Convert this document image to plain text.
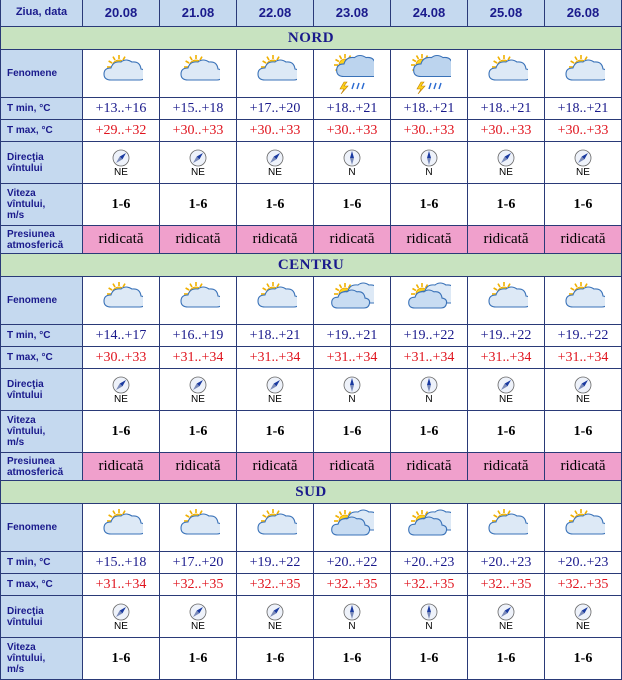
Ziua, data	20.08	21.08	22.08	23.08	24.08	25.08	26.08
NORD							
Fenomene	

T min, °C	+13..+16	+15..+18	+17..+20	+18..+21	+18..+21	+18..+21	+18..+21
T max, °C	+29..+32	+30..+33	+30..+33	+30..+33	+30..+33	+30..+33	+30..+33
Direcţia
vîntului	NE	NE	NE	N	N	NE	NE

Viteza
vîntului,
m/s	1-6	1-6	1-6	1-6	1-6	1-6	1-6
Presiunea
atmosferică	ridicată	ridicată	ridicată	ridicată	ridicată	ridicată	ridicată
CENTRU							
Fenomene	

T min, °C	+14..+17	+16..+19	+18..+21	+19..+21	+19..+22	+19..+22	+19..+22
T max, °C	+30..+33	+31..+34	+31..+34	+31..+34	+31..+34	+31..+34	+31..+34
Direcţia
vîntului	NE	NE	NE	N	N	NE	NE

Viteza
vîntului,
m/s	1-6	1-6	1-6	1-6	1-6	1-6	1-6
Presiunea
atmosferică	ridicată	ridicată	ridicată	ridicată	ridicată	ridicată	ridicată
SUD							
Fenomene	

T min, °C	+15..+18	+17..+20	+19..+22	+20..+22	+20..+23	+20..+23	+20..+23
T max, °C	+31..+34	+32..+35	+32..+35	+32..+35	+32..+35	+32..+35	+32..+35
Direcţia
vîntului	NE	NE	NE	N	N	NE	NE

Viteza
vîntului,
m/s	1-6	1-6	1-6	1-6	1-6	1-6	1-6
